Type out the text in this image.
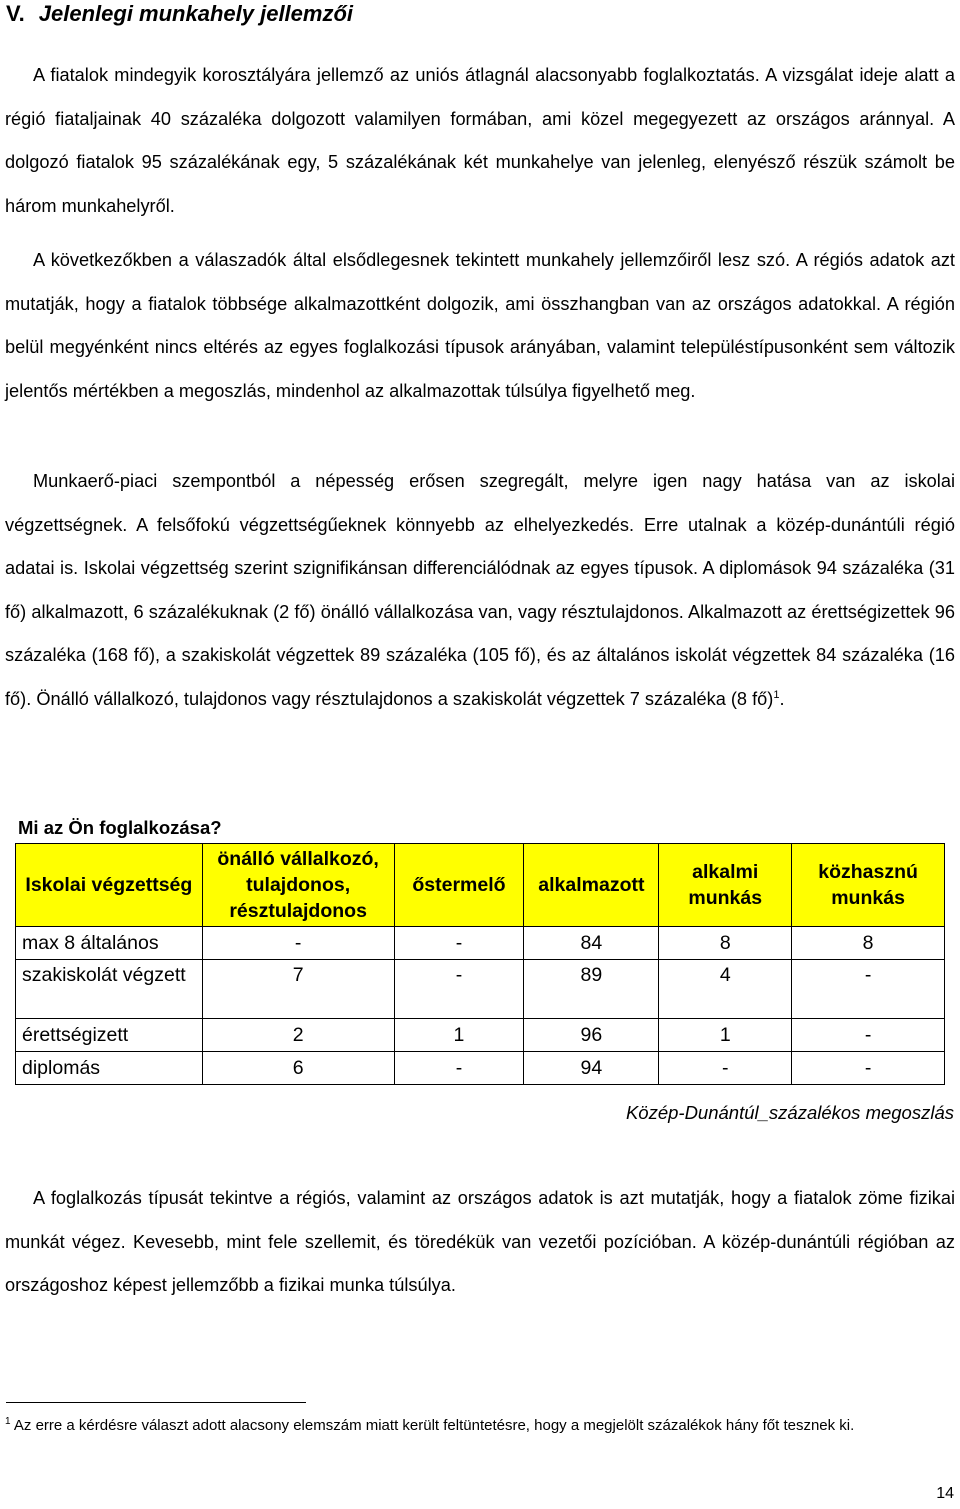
V. Jelenlegi munkahely jellemzői

A fiatalok mindegyik korosztályára jellemző az uniós átlagnál alacsonyabb foglalkoztatás. A vizsgálat ideje alatt a régió fiataljainak 40 százaléka dolgozott valamilyen formában, ami közel megegyezett az országos aránnyal. A dolgozó fiatalok 95 százalékának egy, 5 százalékának két munkahelye van jelenleg, elenyésző részük számolt be három munkahelyről.

A következőkben a válaszadók által elsődlegesnek tekintett munkahely jellemzőiről lesz szó. A régiós adatok azt mutatják, hogy a fiatalok többsége alkalmazottként dolgozik, ami összhangban van az országos adatokkal. A régión belül megyénként nincs eltérés az egyes foglalkozási típusok arányában, valamint településtípusonként sem változik jelentős mértékben a megoszlás, mindenhol az alkalmazottak túlsúlya figyelhető meg.

Munkaerő-piaci szempontból a népesség erősen szegregált, melyre igen nagy hatása van az iskolai végzettségnek. A felsőfokú végzettségűeknek könnyebb az elhelyezkedés. Erre utalnak a közép-dunántúli régió adatai is. Iskolai végzettség szerint szignifikánsan differenciálódnak az egyes típusok. A diplomások 94 százaléka (31 fő) alkalmazott, 6 százalékuknak (2 fő) önálló vállalkozása van, vagy résztulajdonos. Alkalmazott az érettségizettek 96 százaléka (168 fő), a szakiskolát végzettek 89 százaléka (105 fő), és az általános iskolát végzettek 84 százaléka (16 fő). Önálló vállalkozó, tulajdonos vagy résztulajdonos a szakiskolát végzettek 7 százaléka (8 fő)$^1$.

Mi az Ön foglalkozása?

Iskolai végzettség	önálló vállalkozó, tulajdonos, résztulajdonos	őstermelő	alkalmazott	alkalmi munkás	közhasznú munkás
max 8 általános	-	-	84	8	8
szakiskolát végzett	7	-	89	4	-
érettségizett	2	1	96	1	-
diplomás	6	-	94	-	-

Közép-Dunántúl_százalékos megoszlás

A foglalkozás típusát tekintve a régiós, valamint az országos adatok is azt mutatják, hogy a fiatalok zöme fizikai munkát végez. Kevesebb, mint fele szellemit, és töredékük van vezetői pozícióban. A közép-dunántúli régióban az országoshoz képest jellemzőbb a fizikai munka túlsúlya.

$^1$ Az erre a kérdésre választ adott alacsony elemszám miatt került feltüntetésre, hogy a megjelölt százalékok hány főt tesznek ki.

14
